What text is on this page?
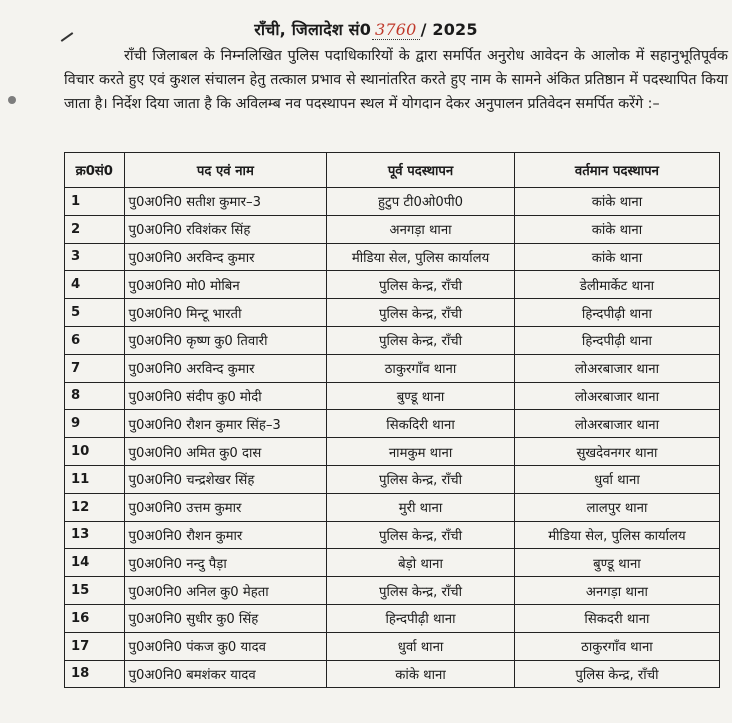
राँची, जिलादेश सं0 3760 / 2025
राँची जिलाबल के निम्नलिखित पुलिस पदाधिकारियों के द्वारा समर्पित अनुरोध आवेदन के आलोक में सहानुभूतिपूर्वक विचार करते हुए एवं कुशल संचालन हेतु तत्काल प्रभाव से स्थानांतरित करते हुए नाम के सामने अंकित प्रतिष्ठान में पदस्थापित किया जाता है। निर्देश दिया जाता है कि अविलम्ब नव पदस्थापन स्थल में योगदान देकर अनुपालन प्रतिवेदन समर्पित करेंगे :–
क्र0सं0	पद एवं नाम	पूर्व पदस्थापन	वर्तमान पदस्थापन
1	पु0अ0नि0 सतीश कुमार–3	हुटुप टी0ओ0पी0	कांके थाना
2	पु0अ0नि0 रविशंकर सिंह	अनगड़ा थाना	कांके थाना
3	पु0अ0नि0 अरविन्द कुमार	मीडिया सेल, पुलिस कार्यालय	कांके थाना
4	पु0अ0नि0 मो0 मोबिन	पुलिस केन्द्र, राँची	डेलीमार्केट थाना
5	पु0अ0नि0 मिन्टू भारती	पुलिस केन्द्र, राँची	हिन्दपीढ़ी थाना
6	पु0अ0नि0 कृष्ण कु0 तिवारी	पुलिस केन्द्र, राँची	हिन्दपीढ़ी थाना
7	पु0अ0नि0 अरविन्द कुमार	ठाकुरगाँव थाना	लोअरबाजार थाना
8	पु0अ0नि0 संदीप कु0 मोदी	बुण्डू थाना	लोअरबाजार थाना
9	पु0अ0नि0 रौशन कुमार सिंह–3	सिकदिरी थाना	लोअरबाजार थाना
10	पु0अ0नि0 अमित कु0 दास	नामकुम थाना	सुखदेवनगर थाना
11	पु0अ0नि0 चन्द्रशेखर सिंह	पुलिस केन्द्र, राँची	धुर्वा थाना
12	पु0अ0नि0 उत्तम कुमार	मुरी थाना	लालपुर थाना
13	पु0अ0नि0 रौशन कुमार	पुलिस केन्द्र, राँची	मीडिया सेल, पुलिस कार्यालय
14	पु0अ0नि0 नन्दु पैड़ा	बेड़ो थाना	बुण्डू थाना
15	पु0अ0नि0 अनिल कु0 मेहता	पुलिस केन्द्र, राँची	अनगड़ा थाना
16	पु0अ0नि0 सुधीर कु0 सिंह	हिन्दपीढ़ी थाना	सिकदरी थाना
17	पु0अ0नि0 पंकज कु0 यादव	धुर्वा थाना	ठाकुरगाँव थाना
18	पु0अ0नि0 बमशंकर यादव	कांके थाना	पुलिस केन्द्र, राँची
